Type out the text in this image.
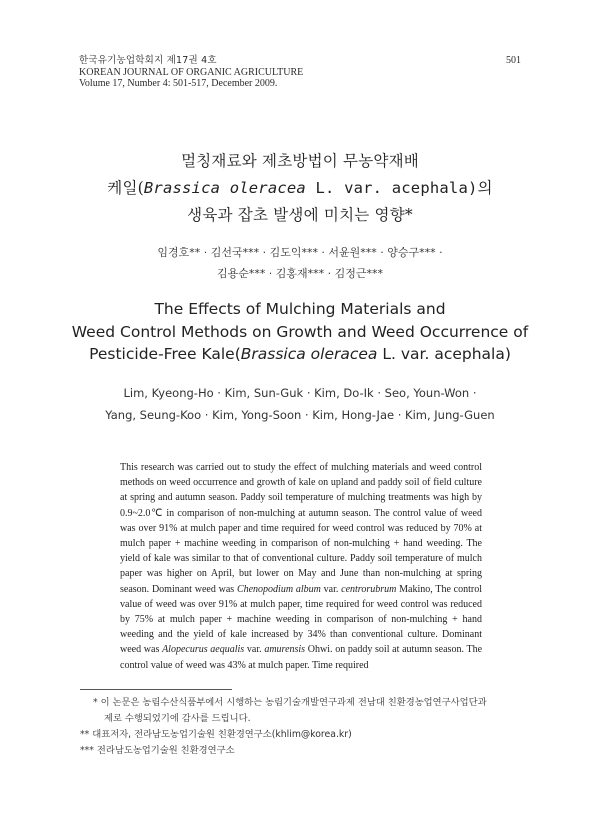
한국유기농업학회지 제17권 4호
KOREAN JOURNAL OF ORGANIC AGRICULTURE
Volume 17, Number 4: 501-517, December 2009.
501
멀칭재료와 제초방법이 무농약재배
케일(Brassica oleracea L. var. acephala)의
생육과 잡초 발생에 미치는 영향*
임경호** · 김선국*** · 김도익*** · 서윤원*** · 양승구*** ·
김용순*** · 김홍재*** · 김정근***
The Effects of Mulching Materials and
Weed Control Methods on Growth and Weed Occurrence of
Pesticide-Free Kale(Brassica oleracea L. var. acephala)
Lim, Kyeong-Ho · Kim, Sun-Guk · Kim, Do-Ik · Seo, Youn-Won ·
Yang, Seung-Koo · Kim, Yong-Soon · Kim, Hong-Jae · Kim, Jung-Guen

This research was carried out to study the effect of mulching materials and weed control methods on weed occurrence and growth of kale on upland and paddy soil of field culture at spring and autumn season. Paddy soil temperature of mulching treatments was high by 0.9~2.0℃ in comparison of non-mulching at autumn season. The control value of weed was over 91% at mulch paper and time required for weed control was reduced by 70% at mulch paper + machine weeding in comparison of non-mulching + hand weeding. The yield of kale was similar to that of conventional culture. Paddy soil temperature of mulch paper was higher on April, but lower on May and June than non-mulching at spring season. Dominant weed was Chenopodium album var. centrorubrum Makino, The control value of weed was over 91% at mulch paper, time required for weed control was reduced by 75% at mulch paper + machine weeding in comparison of non-mulching + hand weeding and the yield of kale increased by 34% than conventional culture. Dominant weed was Alopecurus aequalis var. amurensis Ohwi. on paddy soil at autumn season. The control value of weed was 43% at mulch paper. Time required

* 이 논문은 농림수산식품부에서 시행하는 농림기술개발연구과제 전남대 친환경농업연구사업단과
제로 수행되었기에 감사를 드립니다.
** 대표저자, 전라남도농업기술원 친환경연구소(khlim@korea.kr)
*** 전라남도농업기술원 친환경연구소
